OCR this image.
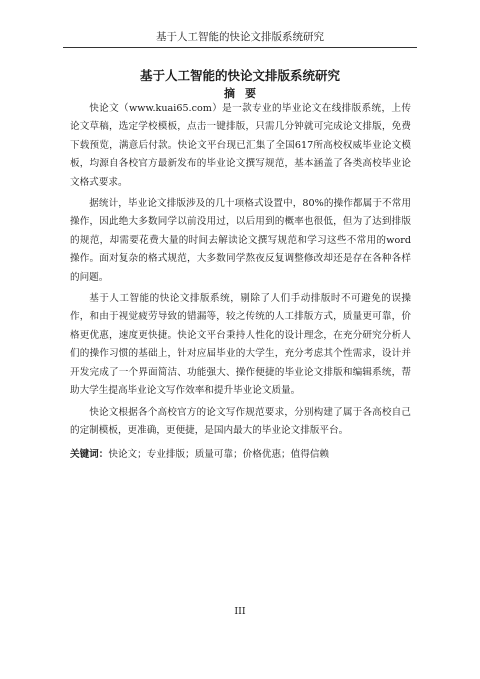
基于人工智能的快论文排版系统研究
基于人工智能的快论文排版系统研究
摘要

快论文（www.kuai65.com）是一款专业的毕业论文在线排版系统，上传论文草稿，选定学校模板，点击一键排版，只需几分钟就可完成论文排版，免费下载预览，满意后付款。快论文平台现已汇集了全国617所高校权威毕业论文模板，均源自各校官方最新发布的毕业论文撰写规范，基本涵盖了各类高校毕业论文格式要求。

据统计，毕业论文排版涉及的几十项格式设置中，80%的操作都属于不常用操作，因此绝大多数同学以前没用过，以后用到的概率也很低，但为了达到排版的规范，却需要花费大量的时间去解读论文撰写规范和学习这些不常用的word操作。面对复杂的格式规范，大多数同学熬夜反复调整修改却还是存在各种各样的问题。

基于人工智能的快论文排版系统，剔除了人们手动排版时不可避免的误操作，和由于视觉疲劳导致的错漏等，较之传统的人工排版方式，质量更可靠，价格更优惠，速度更快捷。快论文平台秉持人性化的设计理念，在充分研究分析人们的操作习惯的基础上，针对应届毕业的大学生，充分考虑其个性需求，设计并开发完成了一个界面简洁、功能强大、操作便捷的毕业论文排版和编辑系统，帮助大学生提高毕业论文写作效率和提升毕业论文质量。

快论文根据各个高校官方的论文写作规范要求，分别构建了属于各高校自己的定制模板，更准确，更便捷，是国内最大的毕业论文排版平台。

关键词：快论文；专业排版；质量可靠；价格优惠；值得信赖
III
